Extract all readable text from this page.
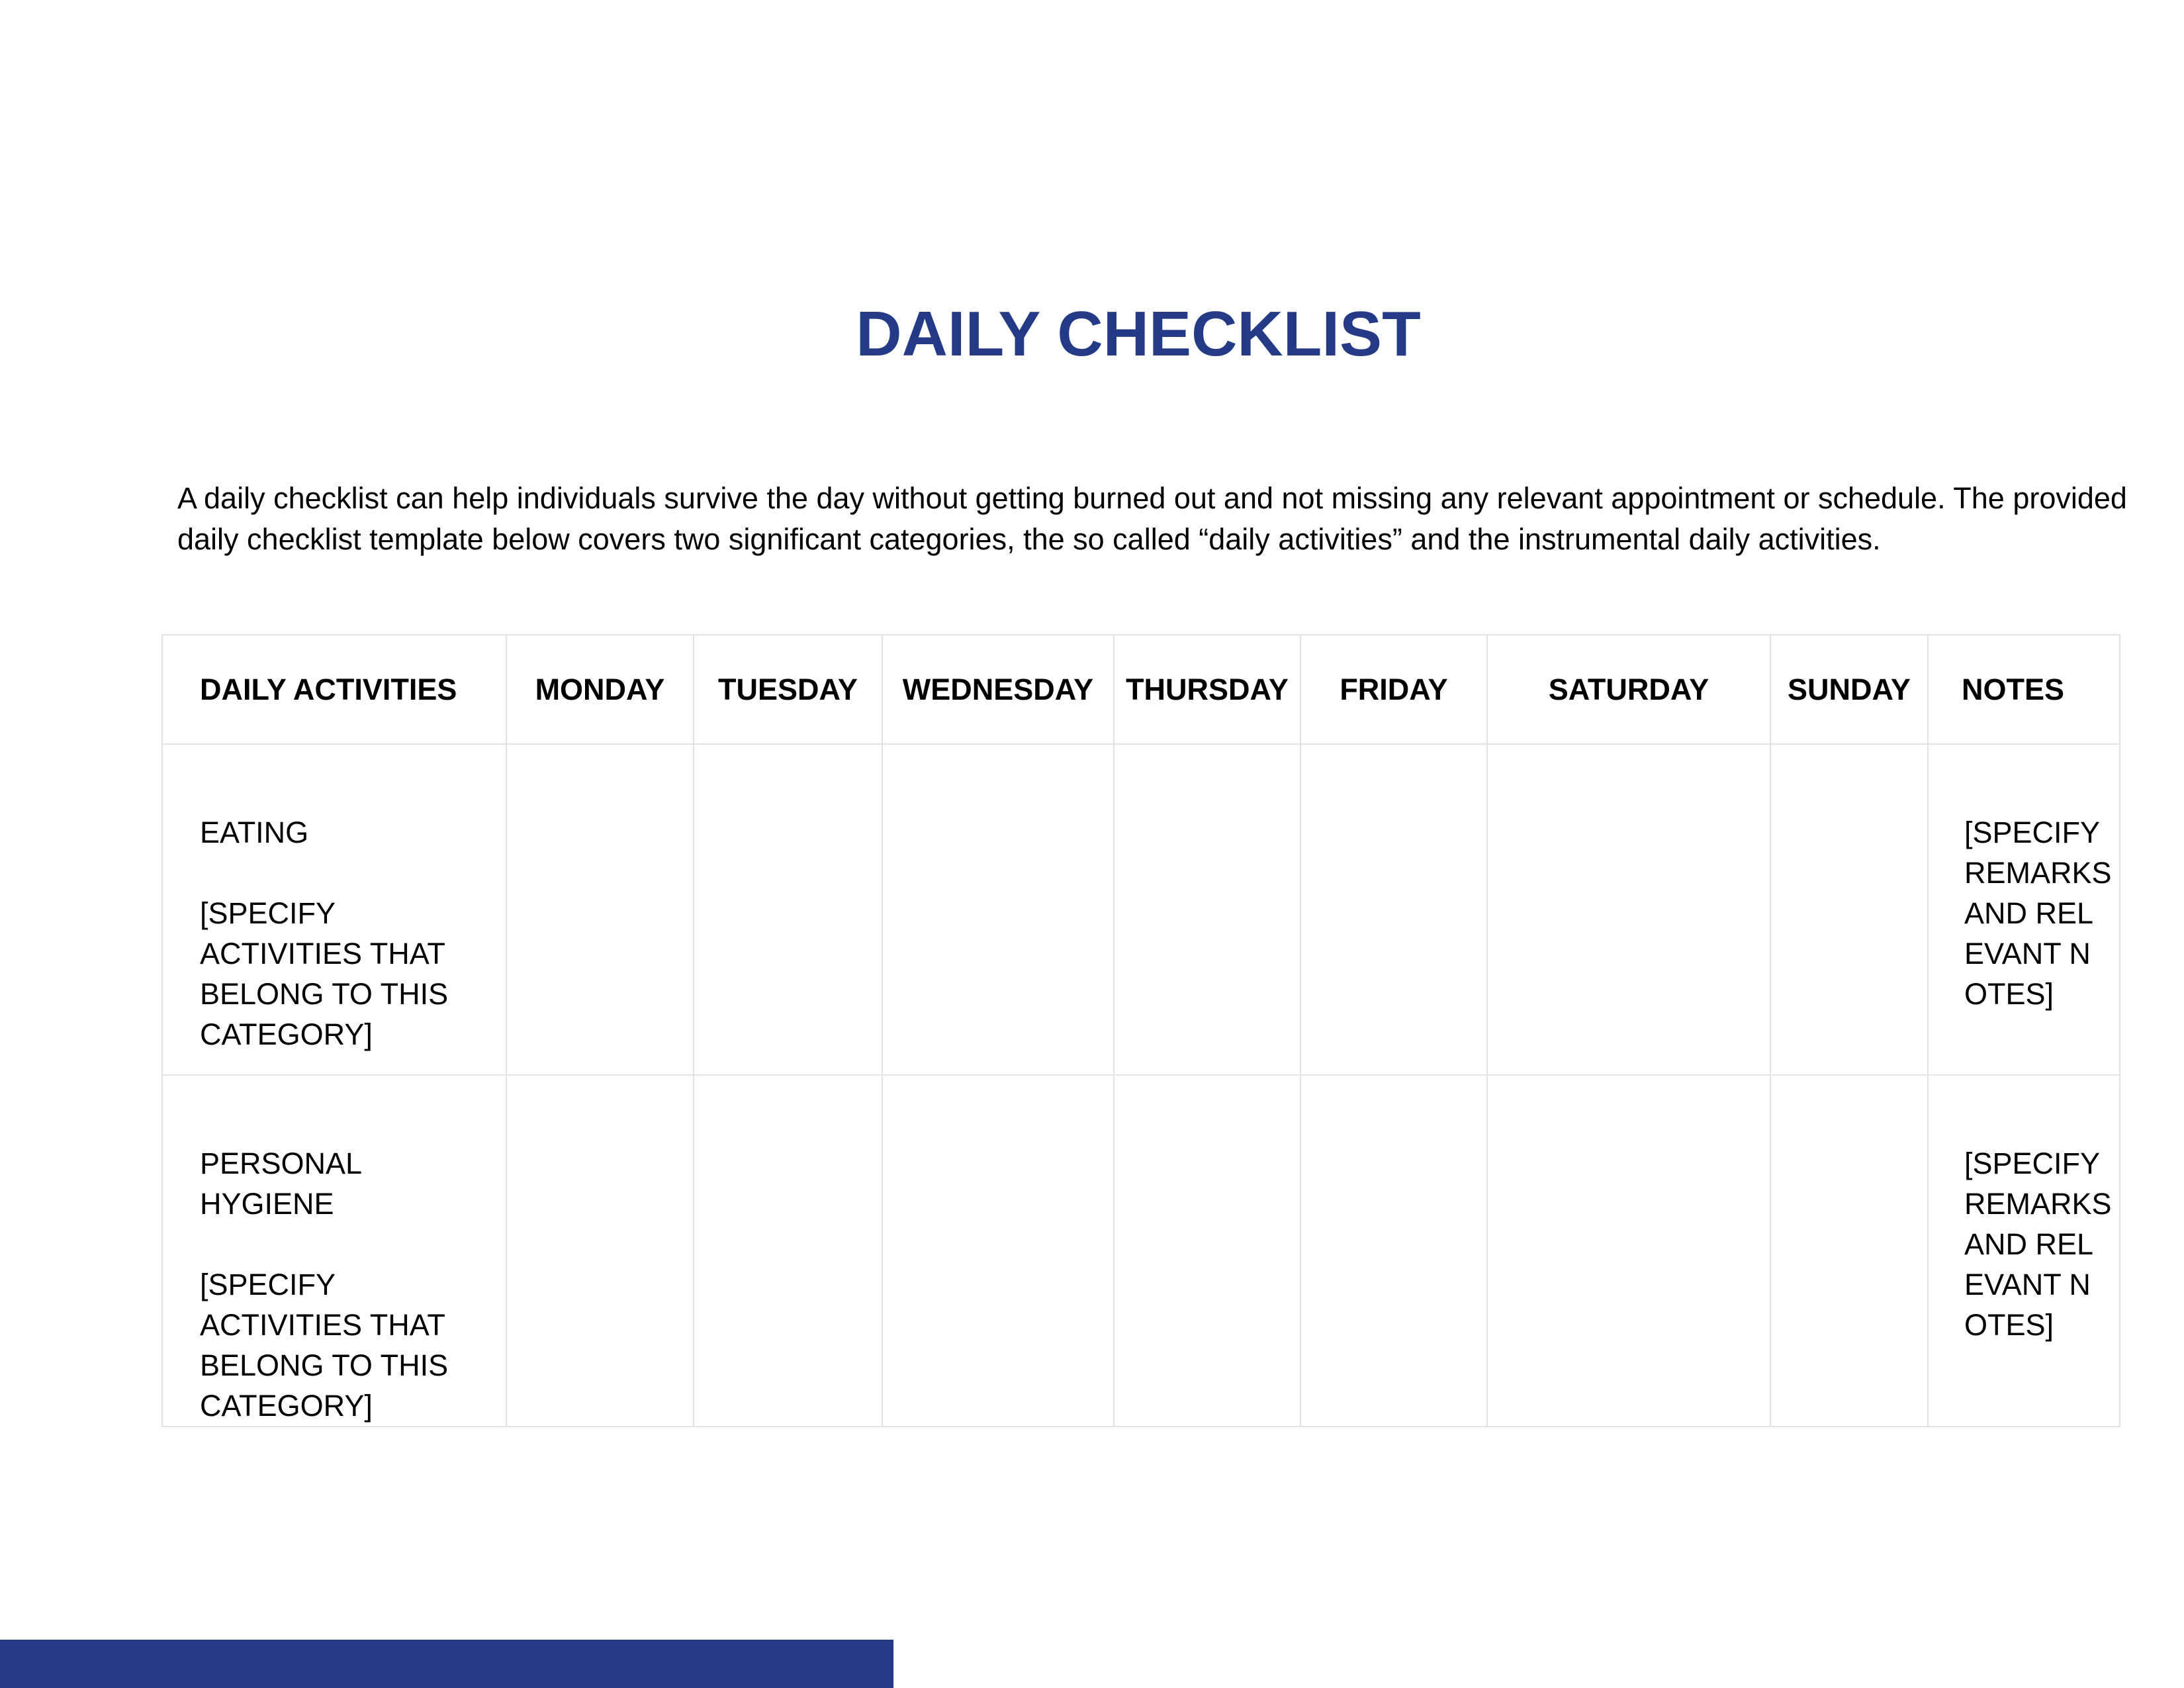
DAILY CHECKLIST

A daily checklist can help individuals survive the day without getting burned out and not missing any relevant appointment or schedule. The provided daily checklist template below covers two significant categories, the so called “daily activities” and the instrumental daily activities.

DAILY ACTIVITIES	MONDAY	TUESDAY	WEDNESDAY	THURSDAY	FRIDAY	SATURDAY	SUNDAY	NOTES

EATING
[SPECIFY ACTIVITIES THAT BELONG TO THIS CATEGORY]								[SPECIFY REMARKS AND RELEVANT NOTES]

PERSONAL HYGIENE
[SPECIFY ACTIVITIES THAT BELONG TO THIS CATEGORY]								[SPECIFY REMARKS AND RELEVANT NOTES]
